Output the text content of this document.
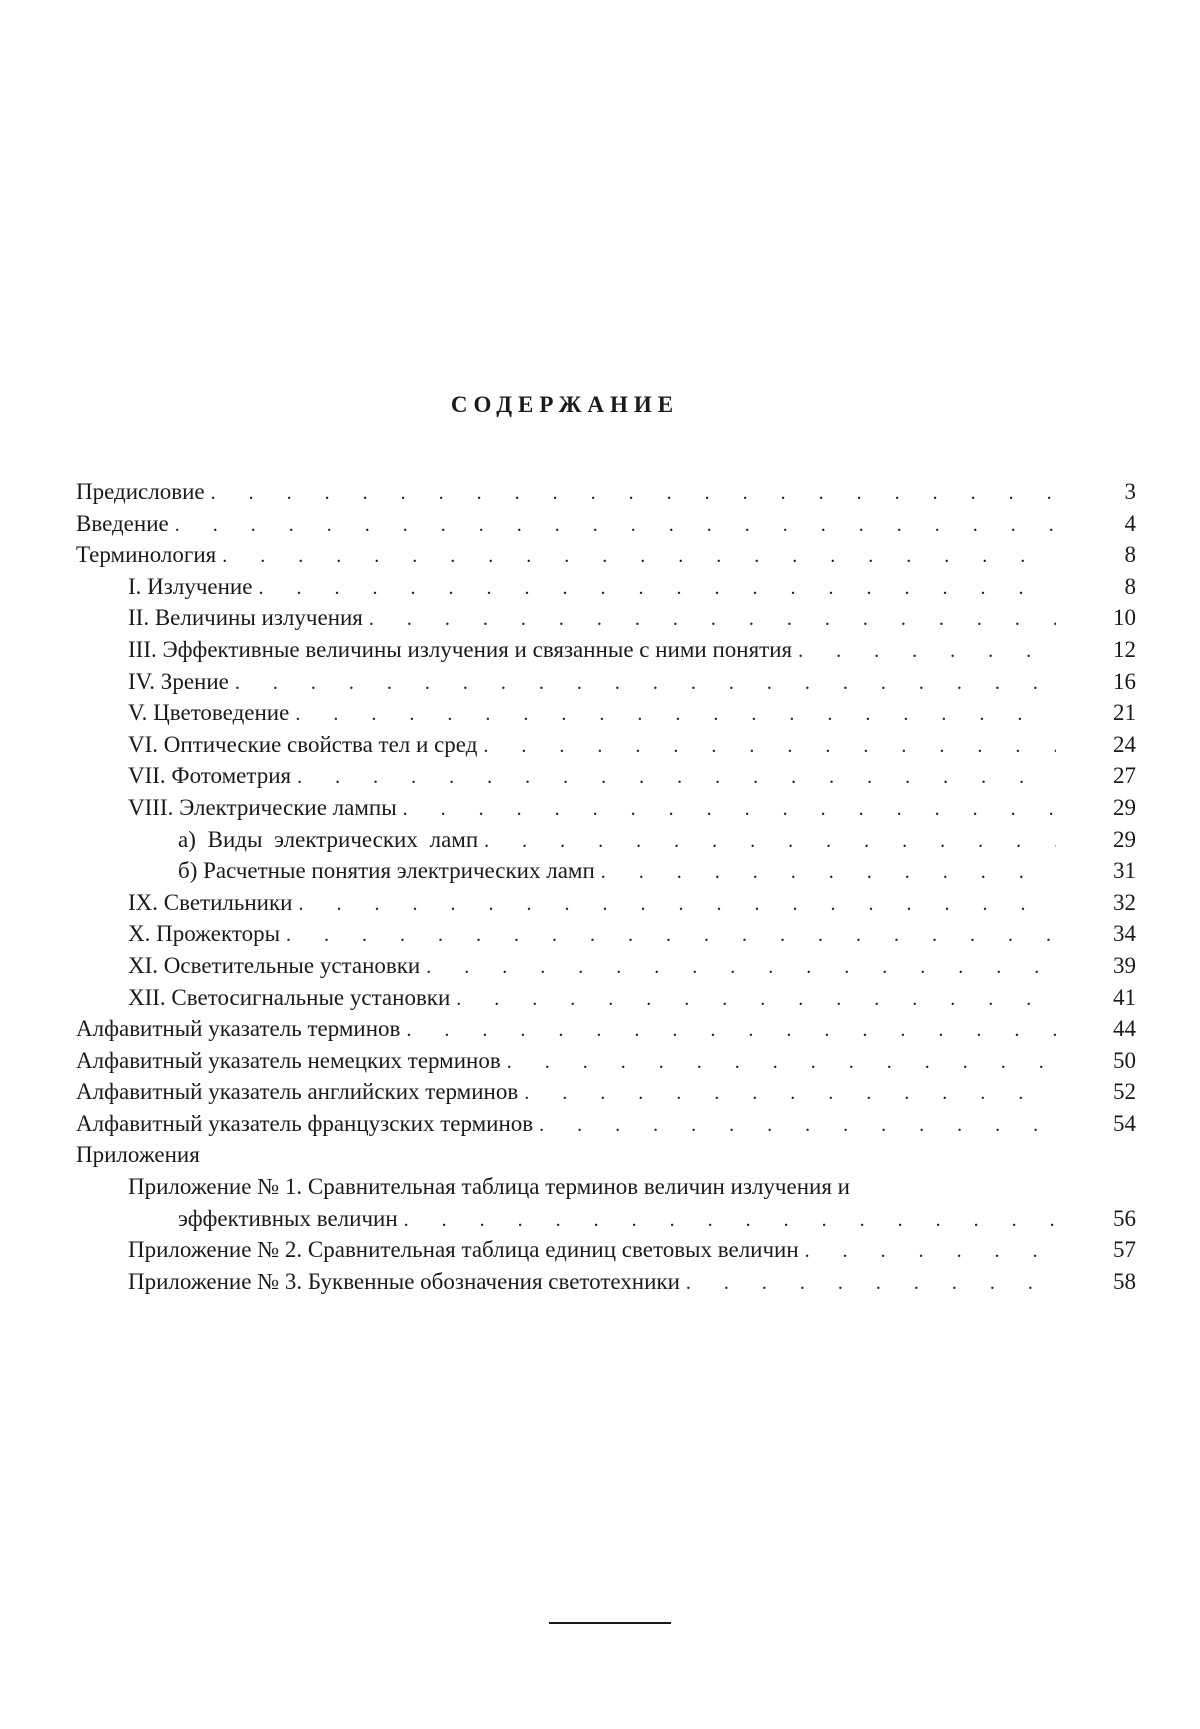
СОДЕРЖАНИЕ
Предисловие . . .	3
Введение . . .	4
Терминология . . .	8
I. Излучение . . .	8
II. Величины излучения . . .	10
III. Эффективные величины излучения и связанные с ними понятия . . .	12
IV. Зрение . . .	16
V. Цветоведение . . .	21
VI. Оптические свойства тел и сред . . .	24
VII. Фотометрия . . .	27
VIII. Электрические лампы . . .	29
а) Виды электрических ламп . . .	29
б) Расчетные понятия электрических ламп . . .	31
IX. Светильники . . .	32
X. Прожекторы . . .	34
XI. Осветительные установки . . .	39
XII. Светосигнальные установки . . .	41
Алфавитный указатель терминов . . .	44
Алфавитный указатель немецких терминов . . .	50
Алфавитный указатель английских терминов . . .	52
Алфавитный указатель французских терминов . . .	54
Приложения
Приложение № 1. Сравнительная таблица терминов величин излучения и
эффективных величин . . .	56
Приложение № 2. Сравнительная таблица единиц световых величин . . .	57
Приложение № 3. Буквенные обозначения светотехники . . .	58
